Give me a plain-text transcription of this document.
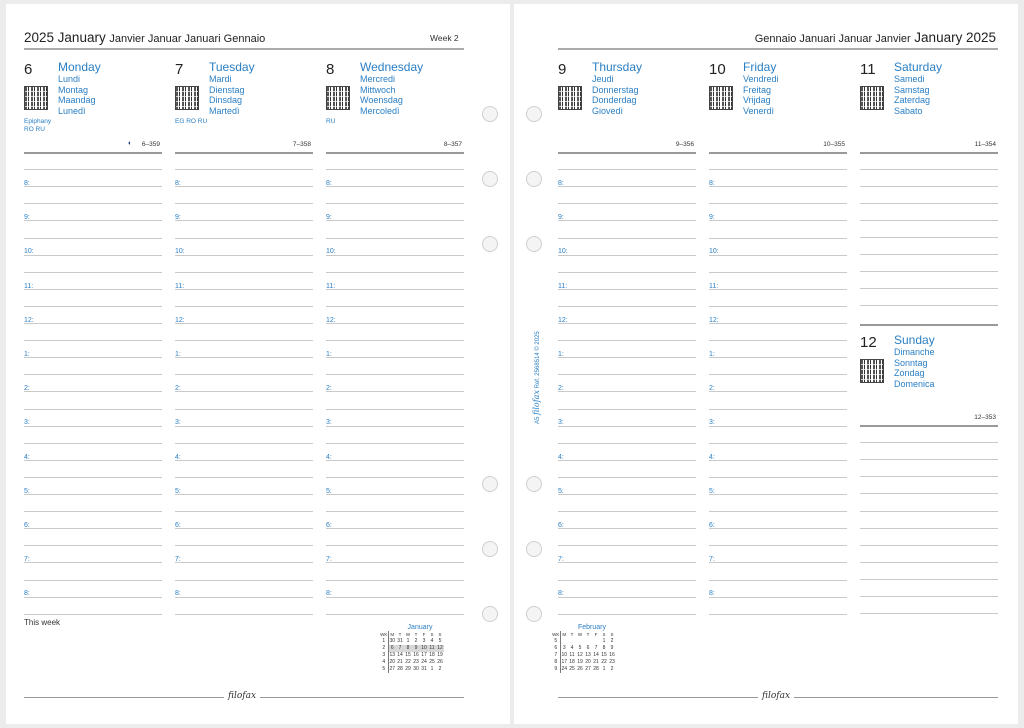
2025 January Janvier Januar Januari Gennaio	Week 2
6 Monday
Lundi
Montag
Maandag
Lunedì
Epiphany
RO RU
◐	6–359
8:
9:
10:
11:
12:
1:
2:
3:
4:
5:
6:
7:
8:
7 Tuesday
Mardi
Dienstag
Dinsdag
Martedì
EG RO RU
7–358
8:
9:
10:
11:
12:
1:
2:
3:
4:
5:
6:
7:
8:
8 Wednesday
Mercredi
Mittwoch
Woensdag
Mercoledì
RU
8–357
8:
9:
10:
11:
12:
1:
2:
3:
4:
5:
6:
7:
8:
This week
January
WK	M	T	W	T	F	S	S
1	30	31	1	2	3	4	5
2	6	7	8	9	10	11	12
3	13	14	15	16	17	18	19
4	20	21	22	23	24	25	26
5	27	28	29	30	31	1	2
filofax
Gennaio Januari Januar Janvier January 2025
9 Thursday
Jeudi
Donnerstag
Donderdag
Giovedì
9–356
8:
9:
10:
11:
12:
1:
2:
3:
4:
5:
6:
7:
8:
10 Friday
Vendredi
Freitag
Vrijdag
Venerdì
10–355
8:
9:
10:
11:
12:
1:
2:
3:
4:
5:
6:
7:
8:
11 Saturday
Samedi
Samstag
Zaterdag
Sabato
11–354
12 Sunday
Dimanche
Sonntag
Zondag
Domenica
12–353
February
WK	M	T	W	T	F	S	S
5						1	2
6	3	4	5	6	7	8	9
7	10	11	12	13	14	15	16
8	17	18	19	20	21	22	23
9	24	25	26	27	28	1	2
filofax
A5 filofax Ref. 2568514 © 2025
